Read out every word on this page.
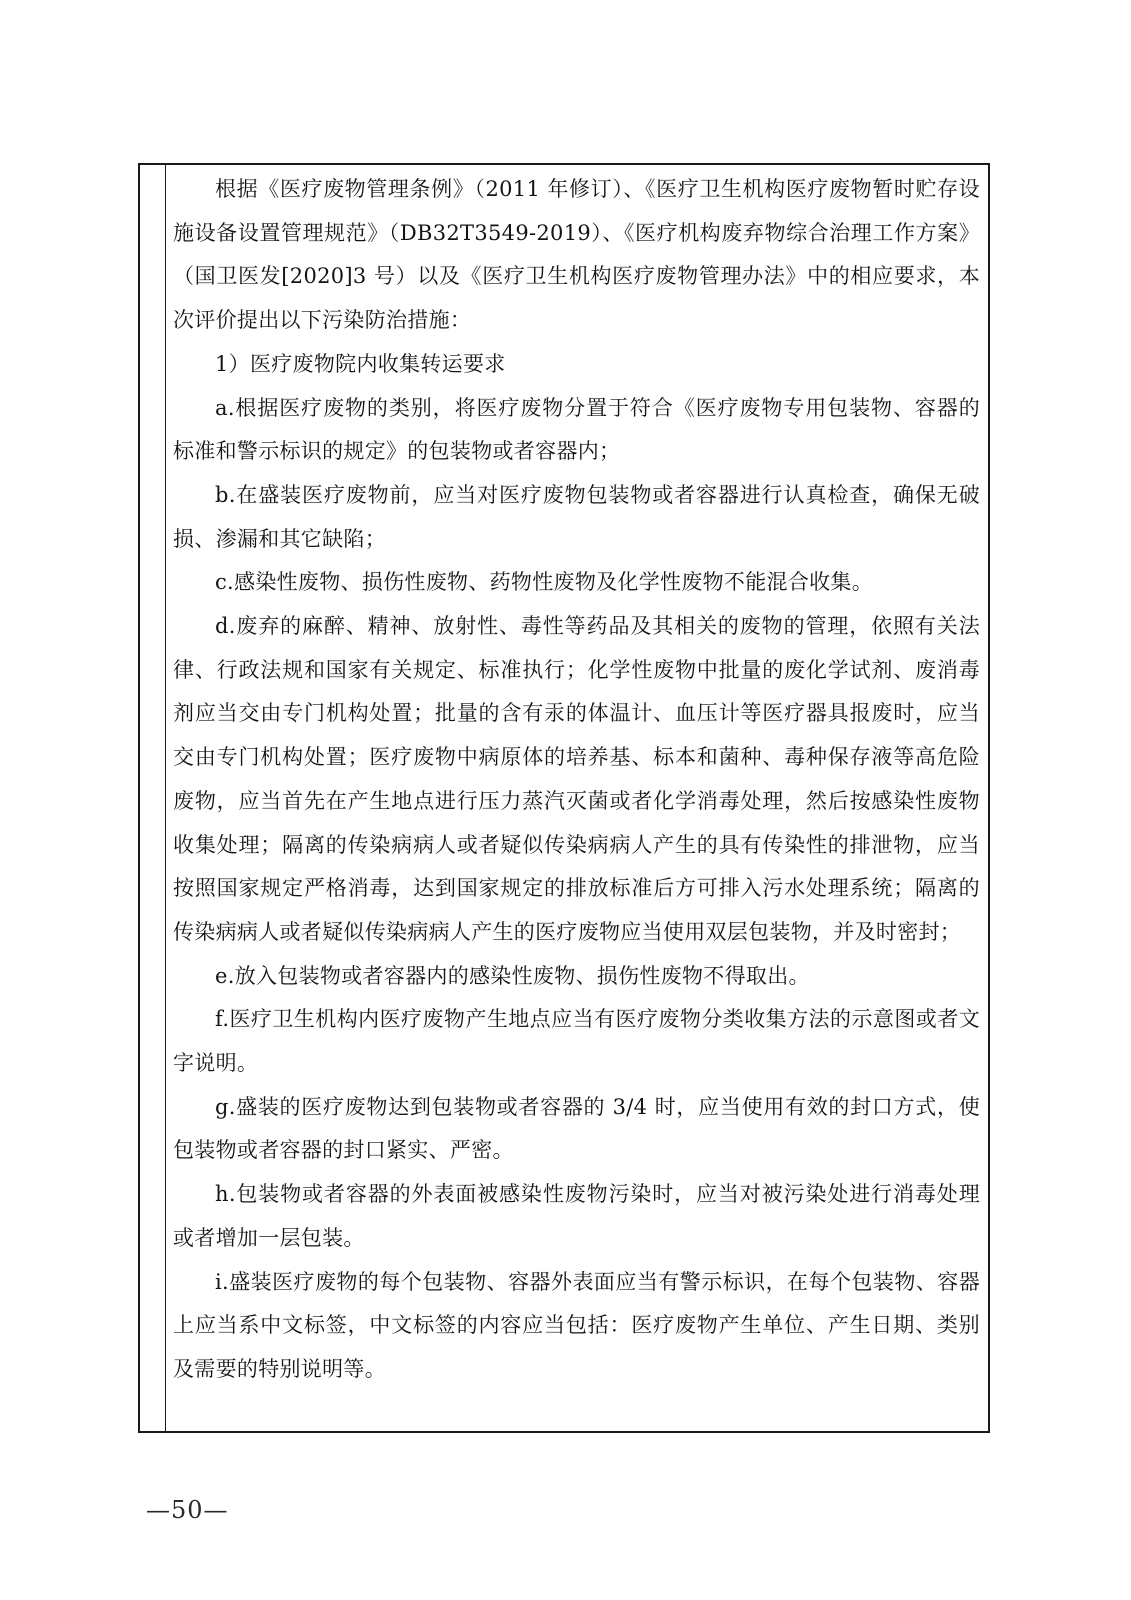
根据《医疗废物管理条例》（2011 年修订）、《医疗卫生机构医疗废物暂时贮存设施设备设置管理规范》（DB32T3549-2019）、《医疗机构废弃物综合治理工作方案》（国卫医发[2020]3 号）以及《医疗卫生机构医疗废物管理办法》中的相应要求，本次评价提出以下污染防治措施：

1）医疗废物院内收集转运要求

a.根据医疗废物的类别，将医疗废物分置于符合《医疗废物专用包装物、容器的标准和警示标识的规定》的包装物或者容器内；

b.在盛装医疗废物前，应当对医疗废物包装物或者容器进行认真检查，确保无破损、渗漏和其它缺陷；

c.感染性废物、损伤性废物、药物性废物及化学性废物不能混合收集。

d.废弃的麻醉、精神、放射性、毒性等药品及其相关的废物的管理，依照有关法律、行政法规和国家有关规定、标准执行；化学性废物中批量的废化学试剂、废消毒剂应当交由专门机构处置；批量的含有汞的体温计、血压计等医疗器具报废时，应当交由专门机构处置；医疗废物中病原体的培养基、标本和菌种、毒种保存液等高危险废物，应当首先在产生地点进行压力蒸汽灭菌或者化学消毒处理，然后按感染性废物收集处理；隔离的传染病病人或者疑似传染病病人产生的具有传染性的排泄物，应当按照国家规定严格消毒，达到国家规定的排放标准后方可排入污水处理系统；隔离的传染病病人或者疑似传染病病人产生的医疗废物应当使用双层包装物，并及时密封；

e.放入包装物或者容器内的感染性废物、损伤性废物不得取出。

f.医疗卫生机构内医疗废物产生地点应当有医疗废物分类收集方法的示意图或者文字说明。

g.盛装的医疗废物达到包装物或者容器的 3/4 时，应当使用有效的封口方式，使包装物或者容器的封口紧实、严密。

h.包装物或者容器的外表面被感染性废物污染时，应当对被污染处进行消毒处理或者增加一层包装。

i.盛装医疗废物的每个包装物、容器外表面应当有警示标识，在每个包装物、容器上应当系中文标签，中文标签的内容应当包括：医疗废物产生单位、产生日期、类别及需要的特别说明等。

—50—
